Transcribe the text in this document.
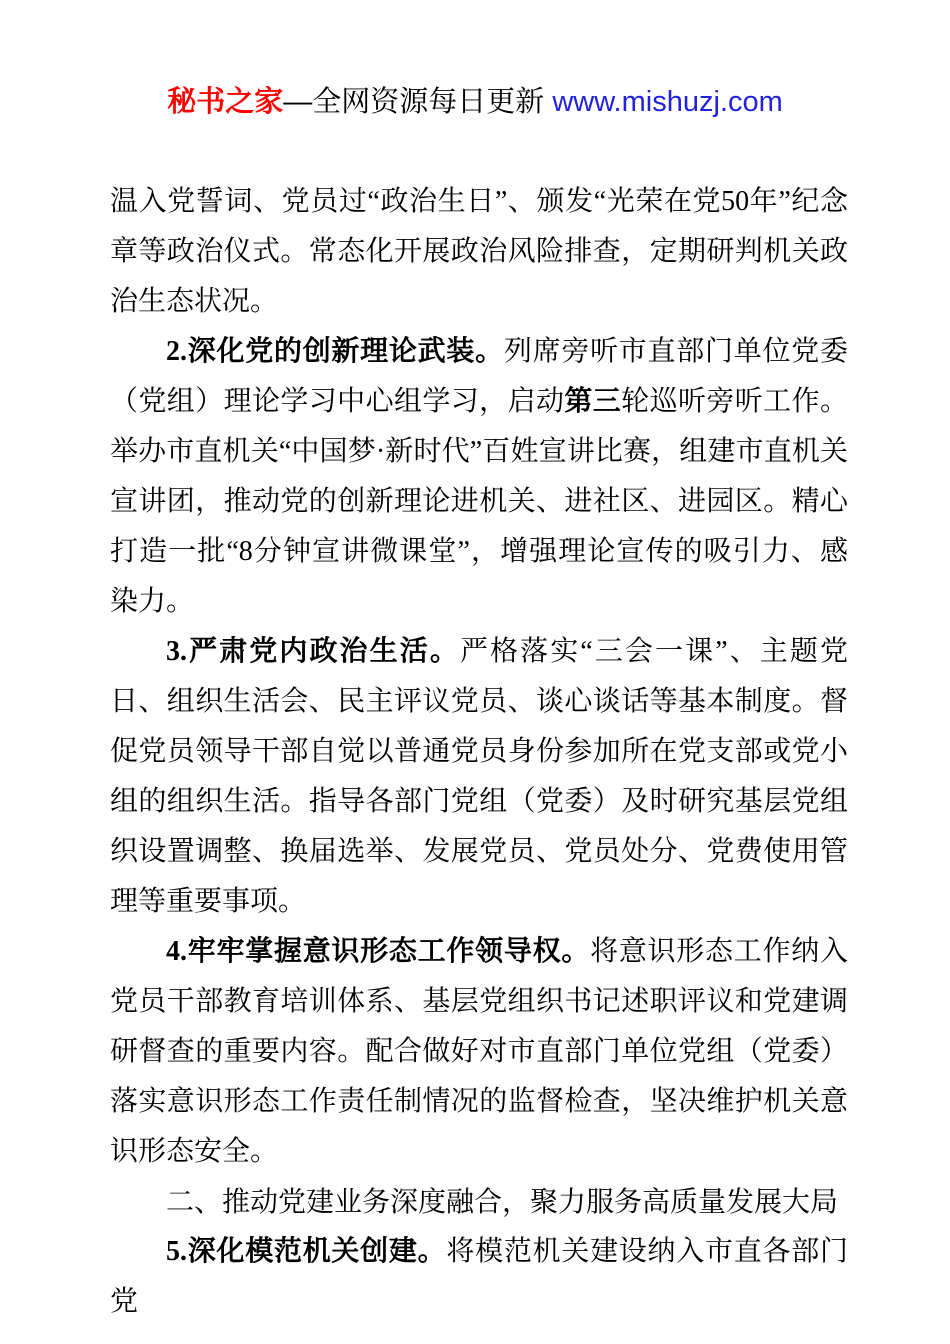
秘书之家—全网资源每日更新 www.mishuzj.com

温入党誓词、党员过“政治生日”、颁发“光荣在党50年”纪念章等政治仪式。常态化开展政治风险排查，定期研判机关政治生态状况。

2.深化党的创新理论武装。列席旁听市直部门单位党委（党组）理论学习中心组学习，启动第三轮巡听旁听工作。举办市直机关“中国梦·新时代”百姓宣讲比赛，组建市直机关宣讲团，推动党的创新理论进机关、进社区、进园区。精心打造一批“8分钟宣讲微课堂”，增强理论宣传的吸引力、感染力。

3.严肃党内政治生活。严格落实“三会一课”、主题党日、组织生活会、民主评议党员、谈心谈话等基本制度。督促党员领导干部自觉以普通党员身份参加所在党支部或党小组的组织生活。指导各部门党组（党委）及时研究基层党组织设置调整、换届选举、发展党员、党员处分、党费使用管理等重要事项。

4.牢牢掌握意识形态工作领导权。将意识形态工作纳入党员干部教育培训体系、基层党组织书记述职评议和党建调研督查的重要内容。配合做好对市直部门单位党组（党委）落实意识形态工作责任制情况的监督检查，坚决维护机关意识形态安全。

二、推动党建业务深度融合，聚力服务高质量发展大局

5.深化模范机关创建。将模范机关建设纳入市直各部门党
